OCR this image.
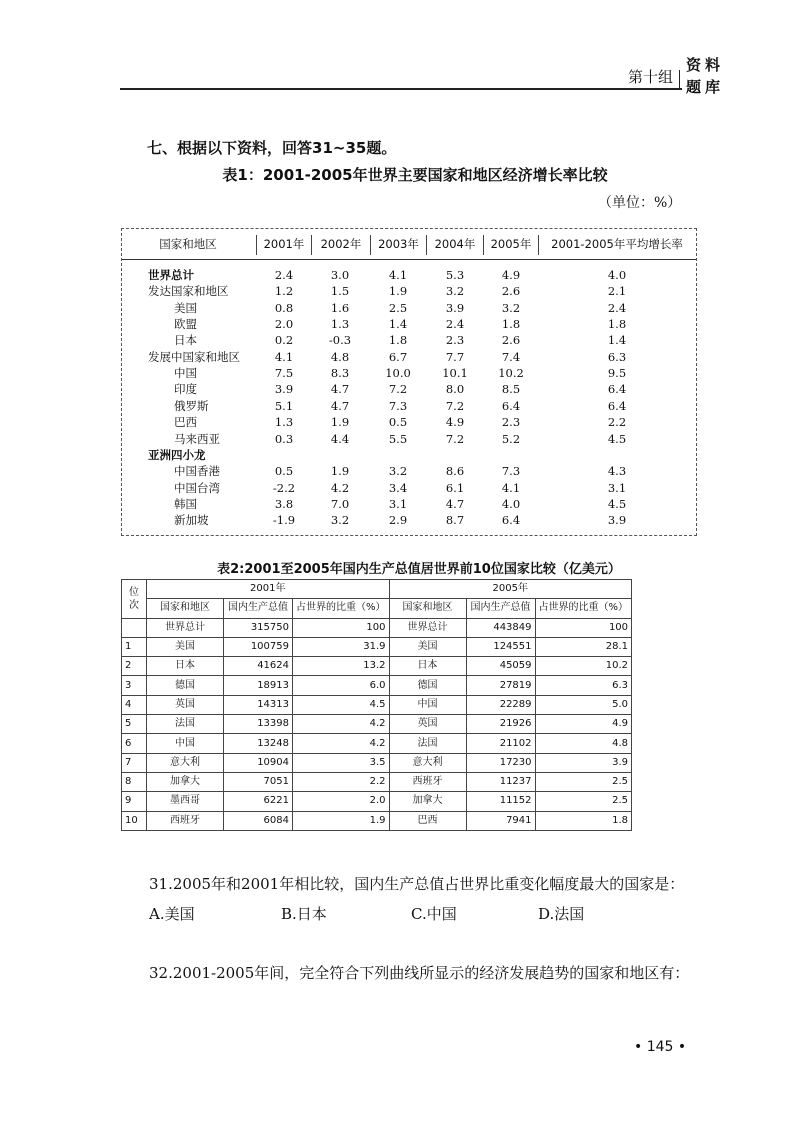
第十组
资料题库
七、根据以下资料，回答31~35题。
表1：2001-2005年世界主要国家和地区经济增长率比较
（单位：%）
国家和地区	2001年	2002年	2003年	2004年	2005年	2001-2005年平均增长率
世界总计	2.4	3.0	4.1	5.3	4.9	4.0
发达国家和地区	1.2	1.5	1.9	3.2	2.6	2.1
美国	0.8	1.6	2.5	3.9	3.2	2.4
欧盟	2.0	1.3	1.4	2.4	1.8	1.8
日本	0.2	-0.3	1.8	2.3	2.6	1.4
发展中国家和地区	4.1	4.8	6.7	7.7	7.4	6.3
中国	7.5	8.3	10.0	10.1	10.2	9.5
印度	3.9	4.7	7.2	8.0	8.5	6.4
俄罗斯	5.1	4.7	7.3	7.2	6.4	6.4
巴西	1.3	1.9	0.5	4.9	2.3	2.2
马来西亚	0.3	4.4	5.5	7.2	5.2	4.5
亚洲四小龙
中国香港	0.5	1.9	3.2	8.6	7.3	4.3
中国台湾	-2.2	4.2	3.4	6.1	4.1	3.1
韩国	3.8	7.0	3.1	4.7	4.0	4.5
新加坡	-1.9	3.2	2.9	8.7	6.4	3.9
表2:2001至2005年国内生产总值居世界前10位国家比较（亿美元）
位次	2001年			2005年		
	国家和地区	国内生产总值	占世界的比重（%）	国家和地区	国内生产总值	占世界的比重（%）
	世界总计	315750	100	世界总计	443849	100
1	美国	100759	31.9	美国	124551	28.1
2	日本	41624	13.2	日本	45059	10.2
3	德国	18913	6.0	德国	27819	6.3
4	英国	14313	4.5	中国	22289	5.0
5	法国	13398	4.2	英国	21926	4.9
6	中国	13248	4.2	法国	21102	4.8
7	意大利	10904	3.5	意大利	17230	3.9
8	加拿大	7051	2.2	西班牙	11237	2.5
9	墨西哥	6221	2.0	加拿大	11152	2.5
10	西班牙	6084	1.9	巴西	7941	1.8
31.2005年和2001年相比较，国内生产总值占世界比重变化幅度最大的国家是：
A.美国	B.日本	C.中国	D.法国
32.2001-2005年间，完全符合下列曲线所显示的经济发展趋势的国家和地区有：
• 145 •
